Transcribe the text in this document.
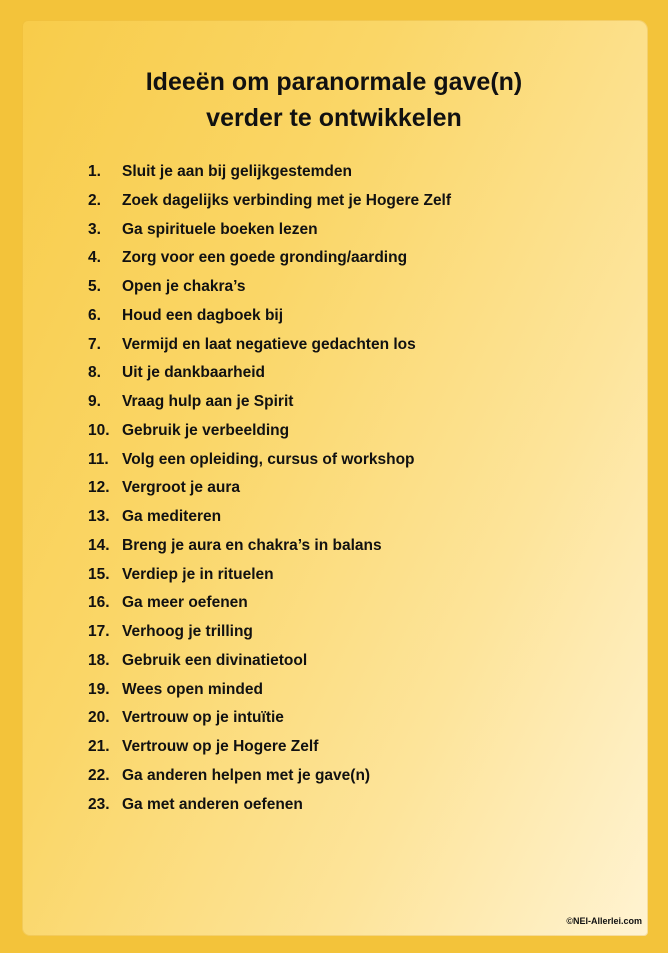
Ideeën om paranormale gave(n)
verder te ontwikkelen
1.	Sluit je aan bij gelijkgestemden
2.	Zoek dagelijks verbinding met je Hogere Zelf
3.	Ga spirituele boeken lezen
4.	Zorg voor een goede gronding/aarding
5.	Open je chakra’s
6.	Houd een dagboek bij
7.	Vermijd en laat negatieve gedachten los
8.	Uit je dankbaarheid
9.	Vraag hulp aan je Spirit
10. Gebruik je verbeelding
11. Volg een opleiding, cursus of workshop
12. Vergroot je aura
13. Ga mediteren
14. Breng je aura en chakra’s in balans
15. Verdiep je in rituelen
16. Ga meer oefenen
17. Verhoog je trilling
18. Gebruik een divinatietool
19. Wees open minded
20. Vertrouw op je intuïtie
21. Vertrouw op je Hogere Zelf
22. Ga anderen helpen met je gave(n)
23. Ga met anderen oefenen
©NEI-Allerlei.com
